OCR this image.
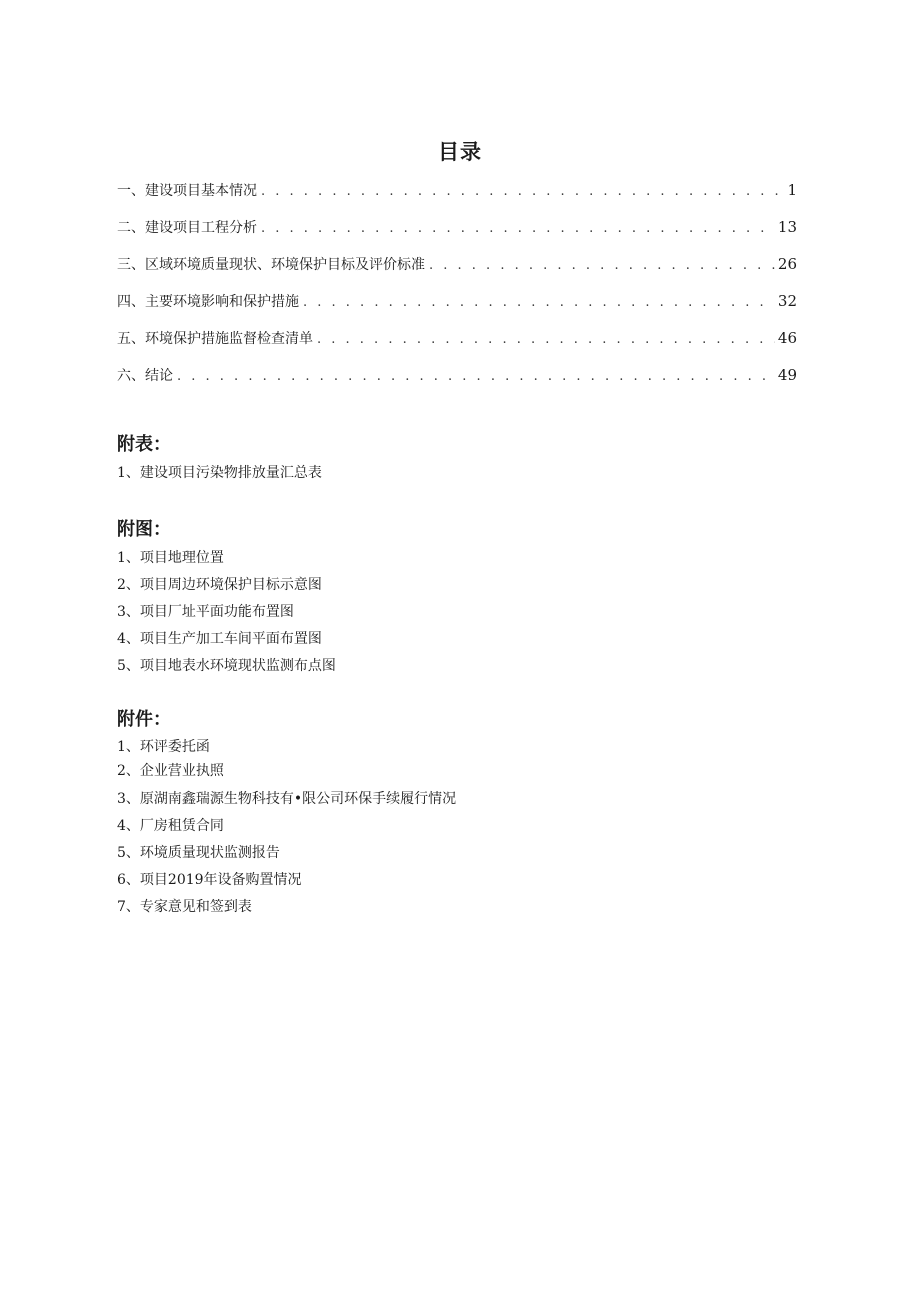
目录
一、建设项目基本情况 . . .	1
二、建设项目工程分析 . . .	13
三、区域环境质量现状、环境保护目标及评价标准 . . .	26
四、主要环境影响和保护措施 . . .	32
五、环境保护措施监督检查清单 . . .	46
六、结论 . . .	49
附表：
1、建设项目污染物排放量汇总表
附图：
1、项目地理位置
2、项目周边环境保护目标示意图
3、项目厂址平面功能布置图
4、项目生产加工车间平面布置图
5、项目地表水环境现状监测布点图
附件：
1、环评委托函
2、企业营业执照
3、原湖南鑫瑞源生物科技有•限公司环保手续履行情况
4、厂房租赁合同
5、环境质量现状监测报告
6、项目2019年设备购置情况
7、专家意见和签到表
